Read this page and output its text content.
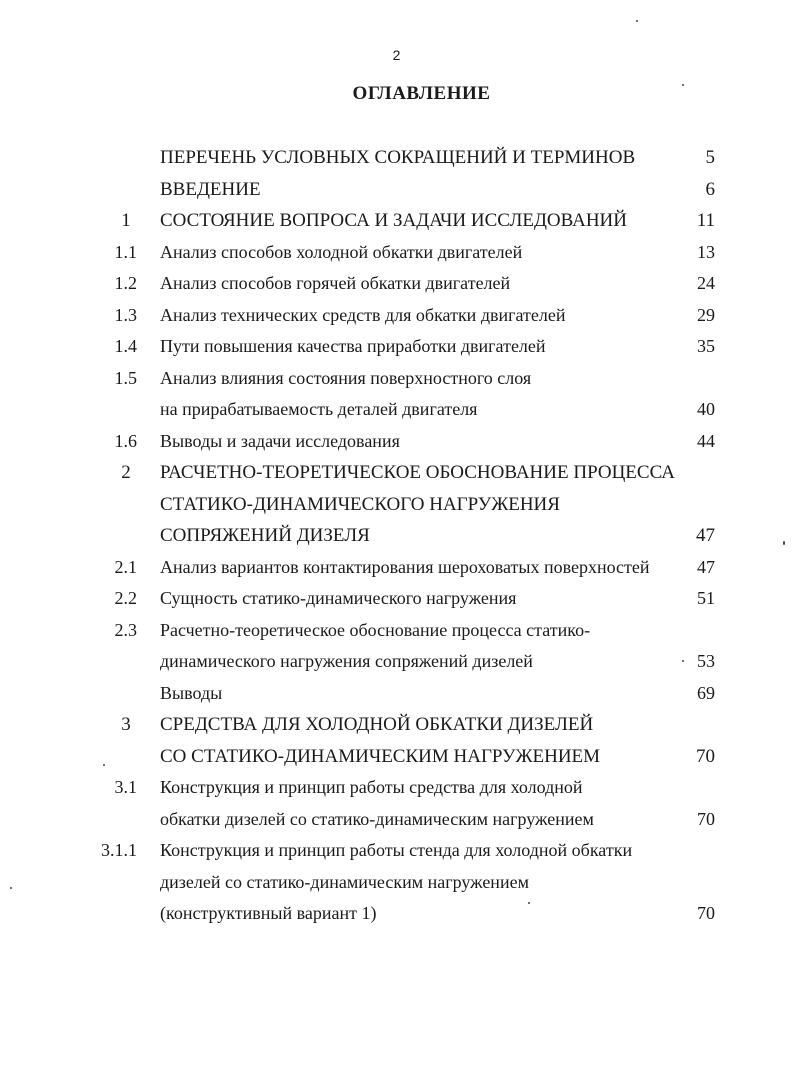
2
ОГЛАВЛЕНИЕ
ПЕРЕЧЕНЬ УСЛОВНЫХ СОКРАЩЕНИЙ И ТЕРМИНОВ	5
ВВЕДЕНИЕ	6
1	СОСТОЯНИЕ ВОПРОСА И ЗАДАЧИ ИССЛЕДОВАНИЙ	11
1.1 Анализ способов холодной обкатки двигателей	13
1.2 Анализ способов горячей обкатки двигателей	24
1.3 Анализ технических средств для обкатки двигателей	29
1.4 Пути повышения качества приработки двигателей	35
1.5 Анализ влияния состояния поверхностного слоя
на прирабатываемость деталей двигателя	40
1.6 Выводы и задачи исследования	44
2	РАСЧЕТНО-ТЕОРЕТИЧЕСКОЕ ОБОСНОВАНИЕ ПРОЦЕССА
СТАТИКО-ДИНАМИЧЕСКОГО НАГРУЖЕНИЯ
СОПРЯЖЕНИЙ ДИЗЕЛЯ	47
2.1 Анализ вариантов контактирования шероховатых поверхностей	47
2.2 Сущность статико-динамического нагружения	51
2.3 Расчетно-теоретическое обоснование процесса статико-
динамического нагружения сопряжений дизелей	53
Выводы	69
3	СРЕДСТВА ДЛЯ ХОЛОДНОЙ ОБКАТКИ ДИЗЕЛЕЙ
СО СТАТИКО-ДИНАМИЧЕСКИМ НАГРУЖЕНИЕМ	70
3.1 Конструкция и принцип работы средства для холодной
обкатки дизелей со статико-динамическим нагружением	70
3.1.1 Конструкция и принцип работы стенда для холодной обкатки
дизелей со статико-динамическим нагружением
(конструктивный вариант 1)	70
